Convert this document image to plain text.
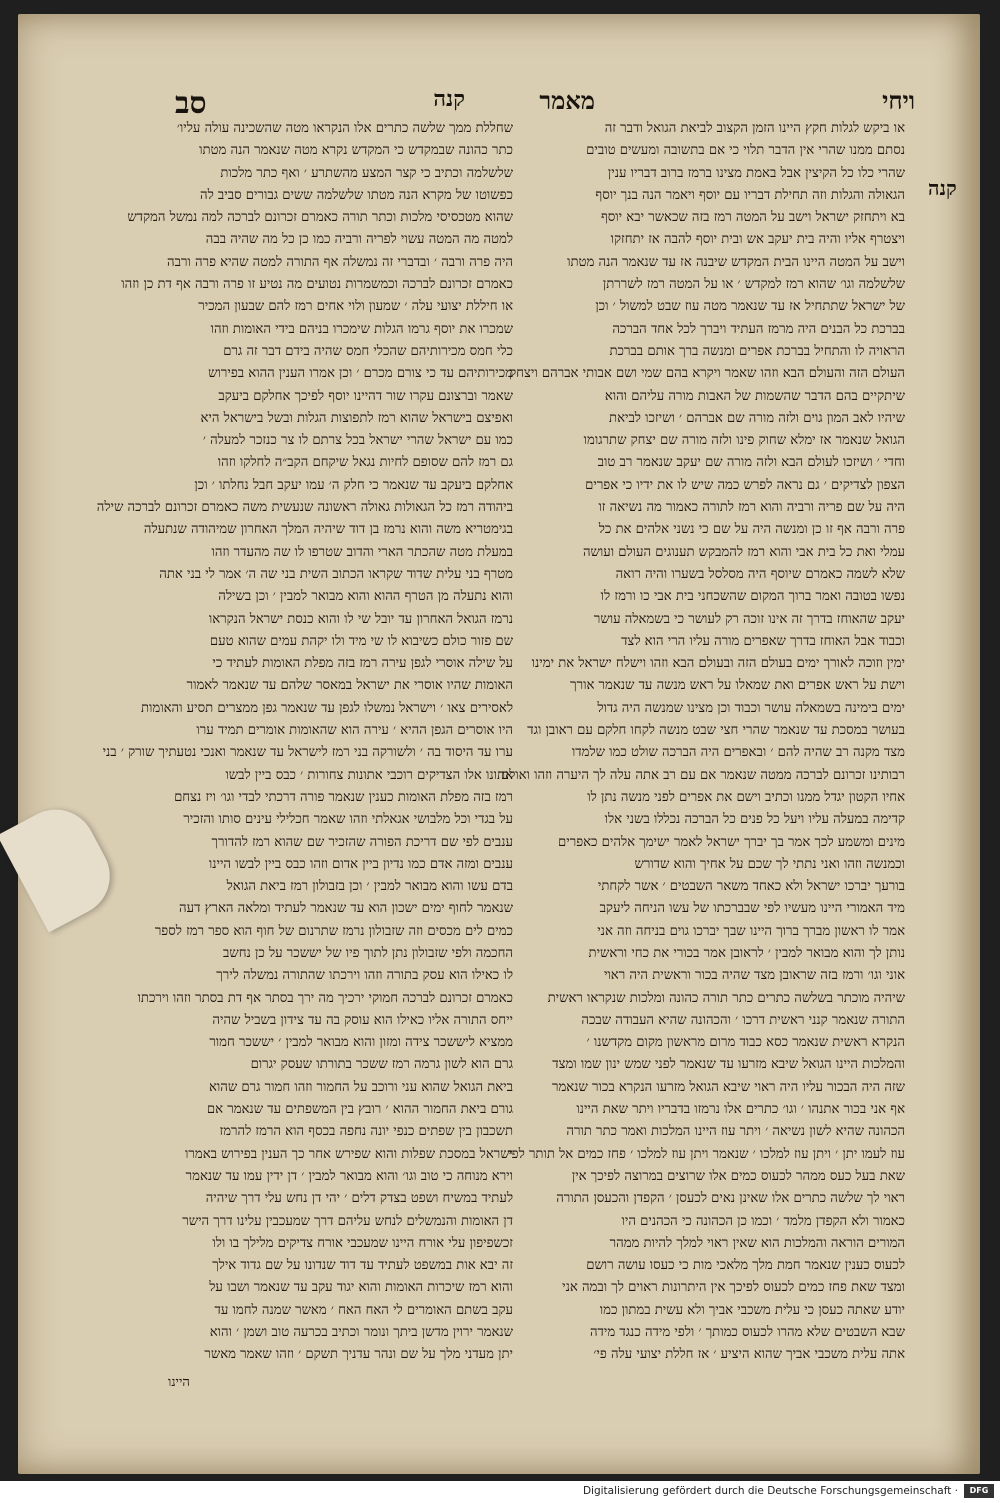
ויחי
מאמר
קנה
סב
קנה

או ביקש לגלות חקץ היינו הזמן הקצוב לביאת הגואל ודבר זה

נסתם ממנו שהרי אין הדבר תלוי כי אם בתשובה ומעשים טובים

שהרי כלו כל הקיצין אבל באמת מצינו ברמז ברוב דבריו ענין

הגאולה והגלות וזה תחילת דבריו עם יוסף ויאמר הנה בנך יוסף

בא ויתחזק ישראל וישב על המטה רמז בזה שכאשר יבא יוסף

ויצטרף אליו והיה בית יעקב אש ובית יוסף להבה אז יתחזקו

וישב על המטה היינו הבית המקדש שיבנה אז עד שנאמר הנה מטתו

שלשלמה וגו׳ שהוא רמז למקדש ׳ או על המטה רמז לשררתן

של ישראל שתתחיל אז עד שנאמר מטה עוז שבט למשול ׳ וכן

בברכת כל הבנים היה מרמז העתיד ויברך לכל אחד הברכה

הראויה לו והתחיל בברכת אפרים ומנשה ברך אותם בברכת

העולם הזה והעולם הבא וזהו שאמר ויקרא בהם שמי ושם אבותי אברהם ויצחק

שיתקיים בהם הדבר שהשמות של האבות מורה עליהם והוא

שיהיו לאב המון גוים ולזה מורה שם אברהם ׳ ושיזכו לביאת

הגואל שנאמר אז ימלא שחוק פינו ולזה מורה שם יצחק שתרגומו

וחדי ׳ ושיזכו לעולם הבא ולזה מורה שם יעקב שנאמר רב טוב

הצפון לצדיקים ׳ גם נראה לפרש כמה שיש לו את ידיו כי אפרים

היה על שם פריה ורביה והוא רמז לתורה כאמור מה נשיאה זו

פרה ורבה אף זו כן ומנשה היה על שם כי נשני אלהים את כל

עמלי ואת כל בית אבי והוא רמז להמבקש תענוגים העולם ועושה

שלא לשמה כאמרם שיוסף היה מסלסל בשערו והיה רואה

נפשו בטובה ואמר ברוך המקום שהשכחני בית אבי כו ורמז לו

יעקב שהאוחז בדרך זה אינו זוכה רק לעושר כי בשמאלה עושר

וכבוד אבל האוחז בדרך שאפרים מורה עליו הרי הוא לצד

ימין וזוכה לאורך ימים בעולם הזה ובעולם הבא וזהו וישלח ישראל את ימינו

וישת על ראש אפרים ואת שמאלו על ראש מנשה עד שנאמר אורך

ימים בימינה בשמאלה עושר וכבוד וכן מצינו שמנשה היה גדול

בעושר במסכת עד שנאמר שהרי חצי שבט מנשה לקחו חלקם עם ראובן וגד

מצד מקנה רב שהיה להם ׳ ובאפרים היה הברכה שולט כמו שלמדו

רבותינו זכרונם לברכה ממטה שנאמר אם עם רב אתה עלה לך היערה וזהו ואולם

אחיו הקטון יגדל ממנו וכתיב וישם את אפרים לפני מנשה נתן לו

קדימה במעלה עליו ויעל כל פנים כל הברכה נכללו בשני אלו

מינים ומשמע לכך אמר בך יברך ישראל לאמר ישימך אלהים כאפרים

וכמנשה וזהו ואני נתתי לך שכם על אחיך והוא שדורש

בורעך יברכו ישראל ולא כאחד משאר השבטים ׳ אשר לקחתי

מיד האמורי היינו מעשיו לפי שבברכתו של עשו הניחה ליעקב

אמר לו ראשון מברך ברוך היינו שבך יברכו גוים בניחה וזה אני

נותן לך והוא מבואר למבין ׳ לראובן אמר בכורי את כחי וראשית

אוני וגו׳ ורמז בזה שראובן מצד שהיה בכור וראשית היה ראוי

שיהיה מוכתר בשלשה כתרים כתר תורה כהונה ומלכות שנקראו ראשית

התורה שנאמר קנני ראשית דרכו ׳ והכהונה שהיא העבודה שבכה

הנקרא ראשית שנאמר כסא כבוד מרום מראשון מקום מקדשנו ׳

והמלכות היינו הגואל שיבא מזרעו עד שנאמר לפני שמש ינון שמו ומצד

שזה היה הבכור עליו היה ראוי שיבא הגואל מזרעו הנקרא בכור שנאמר

אף אני בכור אתנהו ׳ וגו׳ כתרים אלו נרמזו בדבריו ויתר שאת היינו

הכהונה שהיא לשון נשיאה ׳ ויתר עוז היינו המלכות ואמר כתר תורה

עוז לעמו יתן ׳ ויתן עוז למלכו ׳ שנאמר ויתן עוז למלכו ׳ פחז כמים אל תותר לפי

שאת בעל כעס ממהר לכעוס כמים אלו שרוצים במרוצה לפיכך אין

ראוי לך שלשה כתרים אלו שאינן נאים לכעסן ׳ הקפדן והכעסן התורה

כאמור ולא הקפדן מלמד ׳ וכמו כן הכהונה כי הכהנים היו

המורים הוראה והמלכות הוא שאין ראוי למלך להיות ממהר

לכעוס כענין שנאמר חמת מלך מלאכי מות כי כעסו עושה רושם

ומצד שאת פחז כמים לכעוס לפיכך אין היתרונות ראוים לך ובמה אני

יודע שאתה כעסן כי עלית משכבי אביך ולא עשית במתון כמו

שבא השבטים שלא מהרו לכעוס כמותך ׳ ולפי מידה כנגד מידה

אתה עלית משכבי אביך שהוא היציע ׳ אז חללת יצועי עלה פי׳

שחללת ממך שלשה כתרים אלו הנקראו מטה שהשכינה עולה עליו׳

כתר כהונה שבמקדש כי המקדש נקרא מטה שנאמר הנה מטתו

שלשלמה וכתיב כי קצר המצע מהשתרע ׳ ואף כתר מלכות

כפשוטו של מקרא הנה מטתו שלשלמה ששים גבורים סביב לה

שהוא מטכסיסי מלכות וכתר תורה כאמרם זכרונם לברכה למה נמשל המקדש

למטה מה המטה עשוי לפריה ורביה כמו כן כל מה שהיה בבה

היה פרה ורבה ׳ ובדברי זה נמשלה אף התורה למטה שהיא פרה ורבה

כאמרם זכרונם לברכה וכמשמרות נטועים מה נטיע זו פרה ורבה אף דת כן וזהו

או חיללת יצועי עלה ׳ שמעון ולוי אחים רמז להם שבעון המכיר

שמכרו את יוסף גרמו הגלות שימכרו בניהם בידי האומות וזהו

כלי חמס מכירותיהם שהכלי חמס שהיה בידם דבר זה גרם

מכירותיהם עד כי צורם מכרם ׳ וכן אמרו הענין ההוא בפירוש

שאמר וברצונם עקרו שור דהיינו יוסף לפיכך אחלקם ביעקב

ואפיצם בישראל שהוא רמז לתפוצות הגלות ובשל בישראל היא

כמו עם ישראל שהרי ישראל בכל צרתם לו צר כנזכר למעלה ׳

גם רמז להם שסופם לחיות נגאל שיקחם הקב״ה לחלקו וזהו

אחלקם ביעקב עד שנאמר כי חלק ה׳ עמו יעקב חבל נחלתו ׳ וכן

ביהודה רמז כל הגאולות גאולה ראשונה שנעשית משה כאמרם זכרונם לברכה שילה

בגימטריא משה והוא נרמז בן דוד שיהיה המלך האחרון שמיהודה שנתעלה

במעלת מטה שהכתר הארי והדוב שטרפו לו שה מהעדר וזהו

מטרף בני עלית שדוד שקראו הכתוב השית בני שה ה׳ אמר לי בני אתה

והוא נתעלה מן הטרף ההוא והוא מבואר למבין ׳ וכן בשילה

נרמז הגואל האחרון עד יובל שי לו והוא כנסת ישראל הנקראו

שם פזור כולם כשיבוא לו שי מיד ולו יקהת עמים שהוא טעם

על שילה אוסרי לגפן עירה רמז בזה מפלת האומות לעתיד כי

האומות שהיו אוסרי את ישראל במאסר שלהם עד שנאמר לאמור

לאסירים צאו ׳ וישראל נמשלו לגפן עד שנאמר גפן ממצרים תסיע והאומות

היו אוסרים הגפן ההיא ׳ עירה הוא שהאומות אומרים תמיד ערו

ערו עד היסוד בה ׳ ולשורקה בני רמז לישראל עד שנאמר ואנכי נטעתיך שורק ׳ בני

אתונו אלו הצדיקים רוכבי אתונות צחורות ׳ כבס ביין לבשו

רמז בזה מפלת האומות כענין שנאמר פורה דרכתי לבדי וגו׳ ויז נצחם

על בגדי וכל מלבושי אגאלתי וזהו שאמר חכלילי עינים סותו והזכיר

ענבים לפי שם דריכת הפורה שהזכיר שם שהוא רמז להדורך

ענבים ומזה אדם כמו נדיון ביין אדום וזהו כבס ביין לבשו היינו

בדם עשו והוא מבואר למבין ׳ וכן בזבולון רמז ביאת הגואל

שנאמר לחוף ימים ישכון הוא עד שנאמר לעתיד ומלאה הארץ דעה

כמים לים מכסים וזה שזבולון נרמז שתרנום של חוף הוא ספר רמז לספר

החכמה ולפי שזבולון נתן לתוך פיו של יששכר על כן נחשב

לו כאילו הוא עסק בתורה וזהו וירכתו שהתורה נמשלה לירך

כאמרם זכרונם לברכה חמוקי ירכיך מה ירך בסתר אף דת בסתר וזהו וירכתו

ייחס התורה אליו כאילו הוא עוסק בה עד צידון בשביל שהיה

ממציא ליששכר צידה ומזון והוא מבואר למבין ׳ יששכר חמור

גרם הוא לשון גרמה רמז ששכר בתורתו שעסק יגרום

ביאת הגואל שהוא עני ורוכב על החמור וזהו חמור גרם שהוא

גורם ביאת החמור ההוא ׳ רובץ בין המשפתים עד שנאמר אם

תשכבון בין שפתים כנפי יונה נחפה בכסף הוא הרמז להרמז

ישראל במסכת שפלות והוא שפירש אחר כך הענין בפירוש באמרו

וירא מנוחה כי טוב וגו׳ והוא מבואר למבין ׳ דן ידין עמו עד שנאמר

לעתיד במשיח ושפט בצדק דלים ׳ יהי דן נחש עלי דרך שיהיה

דן האומות והנמשלים לנחש עליהם דרך שמעכבין עלינו דרך הישר

זכשפיפון עלי אורח היינו שמעכבי אורח צדיקים מלילך בו ולו

זה יבא אות במשפט לעתיד עד דוד שנדונו על שם גדוד אילך

והוא רמז שיכרות האומות והוא יגוד עקב עד שנאמר ושבו על

עקב בשתם האומרים לי האח האח ׳ מאשר שמנה לחמו עד

שנאמר ירוין מדשן ביתך ונומר וכתיב בכרעה טוב ושמן ׳ והוא

יתן מעדני מלך על שם ונהר עדניך תשקם ׳ וזהו שאמר מאשר

היינו
Digitalisierung gefördert durch die Deutsche Forschungsgemeinschaft ·	DFG
